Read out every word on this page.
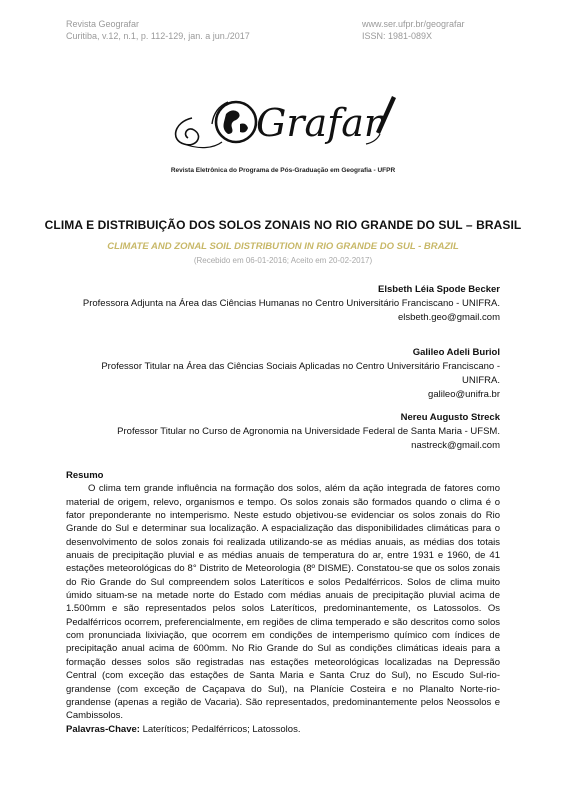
Revista Geografar
Curitiba, v.12, n.1, p. 112-129, jan. a jun./2017
www.ser.ufpr.br/geografar
ISSN: 1981-089X
Grafar
Revista Eletrônica do Programa de Pós-Graduação em Geografia - UFPR
CLIMA E DISTRIBUIÇÃO DOS SOLOS ZONAIS NO RIO GRANDE DO SUL – BRASIL
CLIMATE AND ZONAL SOIL DISTRIBUTION IN RIO GRANDE DO SUL - BRAZIL
(Recebido em 06-01-2016; Aceito em 20-02-2017)
Elsbeth Léia Spode Becker
Professora Adjunta na Área das Ciências Humanas no Centro Universitário Franciscano - UNIFRA.
elsbeth.geo@gmail.com
Galileo Adeli Buriol
Professor Titular na Área das Ciências Sociais Aplicadas no Centro Universitário Franciscano - UNIFRA.
galileo@unifra.br
Nereu Augusto Streck
Professor Titular no Curso de Agronomia na Universidade Federal de Santa Maria - UFSM.
nastreck@gmail.com
Resumo
O clima tem grande influência na formação dos solos, além da ação integrada de fatores como material de origem, relevo, organismos e tempo. Os solos zonais são formados quando o clima é o fator preponderante no intemperismo. Neste estudo objetivou-se evidenciar os solos zonais do Rio Grande do Sul e determinar sua localização. A espacialização das disponibilidades climáticas para o desenvolvimento de solos zonais foi realizada utilizando-se as médias anuais, as médias dos totais anuais de precipitação pluvial e as médias anuais de temperatura do ar, entre 1931 e 1960, de 41 estações meteorológicas do 8° Distrito de Meteorologia (8º DISME). Constatou-se que os solos zonais do Rio Grande do Sul compreendem solos Lateríticos e solos Pedalférricos. Solos de clima muito úmido situam-se na metade norte do Estado com médias anuais de precipitação pluvial acima de 1.500mm e são representados pelos solos Lateríticos, predominantemente, os Latossolos. Os Pedalférricos ocorrem, preferencialmente, em regiões de clima temperado e são descritos como solos com pronunciada lixiviação, que ocorrem em condições de intemperismo químico com índices de precipitação anual acima de 600mm. No Rio Grande do Sul as condições climáticas ideais para a formação desses solos são registradas nas estações meteorológicas localizadas na Depressão Central (com exceção das estações de Santa Maria e Santa Cruz do Sul), no Escudo Sul-rio-grandense (com exceção de Caçapava do Sul), na Planície Costeira e no Planalto Norte-rio-grandense (apenas a região de Vacaria). São representados, predominantemente pelos Neossolos e Cambissolos.
Palavras-Chave: Lateríticos; Pedalférricos; Latossolos.
